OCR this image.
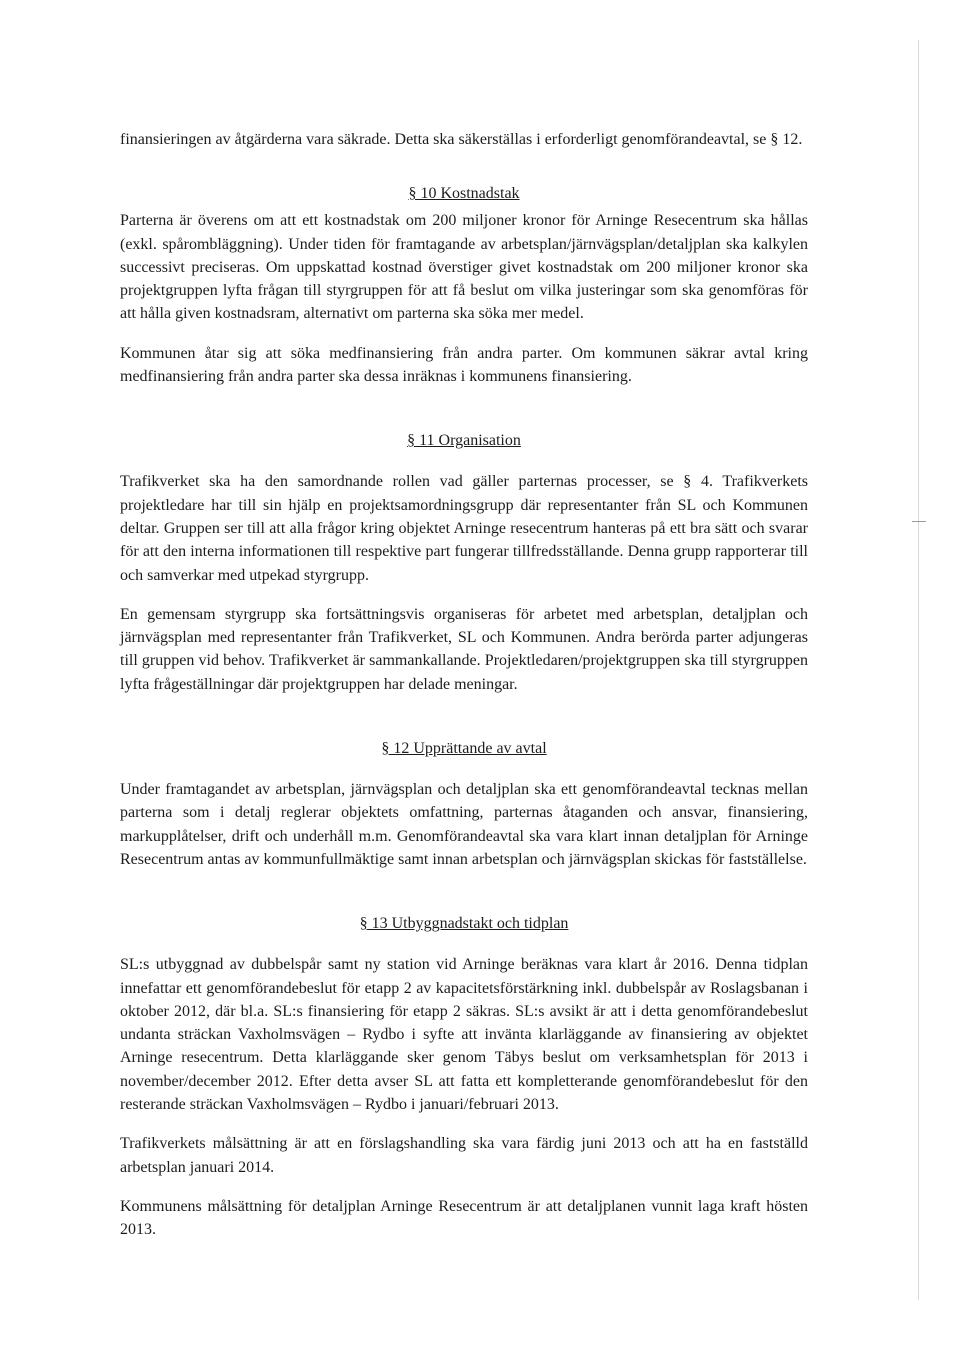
finansieringen av åtgärderna vara säkrade. Detta ska säkerställas i erforderligt genomförandeavtal, se § 12.

§ 10 Kostnadstak

Parterna är överens om att ett kostnadstak om 200 miljoner kronor för Arninge Resecentrum ska hållas (exkl. spårombläggning). Under tiden för framtagande av arbetsplan/järnvägsplan/detaljplan ska kalkylen successivt preciseras. Om uppskattad kostnad överstiger givet kostnadstak om 200 miljoner kronor ska projektgruppen lyfta frågan till styrgruppen för att få beslut om vilka justeringar som ska genomföras för att hålla given kostnadsram, alternativt om parterna ska söka mer medel.

Kommunen åtar sig att söka medfinansiering från andra parter. Om kommunen säkrar avtal kring medfinansiering från andra parter ska dessa inräknas i kommunens finansiering.

§ 11 Organisation

Trafikverket ska ha den samordnande rollen vad gäller parternas processer, se § 4. Trafikverkets projektledare har till sin hjälp en projektsamordningsgrupp där representanter från SL och Kommunen deltar. Gruppen ser till att alla frågor kring objektet Arninge resecentrum hanteras på ett bra sätt och svarar för att den interna informationen till respektive part fungerar tillfredsställande. Denna grupp rapporterar till och samverkar med utpekad styrgrupp.

En gemensam styrgrupp ska fortsättningsvis organiseras för arbetet med arbetsplan, detaljplan och järnvägsplan med representanter från Trafikverket, SL och Kommunen. Andra berörda parter adjungeras till gruppen vid behov. Trafikverket är sammankallande. Projektledaren/projektgruppen ska till styrgruppen lyfta frågeställningar där projektgruppen har delade meningar.

§ 12 Upprättande av avtal

Under framtagandet av arbetsplan, järnvägsplan och detaljplan ska ett genomförandeavtal tecknas mellan parterna som i detalj reglerar objektets omfattning, parternas åtaganden och ansvar, finansiering, markupplåtelser, drift och underhåll m.m. Genomförandeavtal ska vara klart innan detaljplan för Arninge Resecentrum antas av kommunfullmäktige samt innan arbetsplan och järnvägsplan skickas för fastställelse.

§ 13 Utbyggnadstakt och tidplan

SL:s utbyggnad av dubbelspår samt ny station vid Arninge beräknas vara klart år 2016. Denna tidplan innefattar ett genomförandebeslut för etapp 2 av kapacitetsförstärkning inkl. dubbelspår av Roslagsbanan i oktober 2012, där bl.a. SL:s finansiering för etapp 2 säkras. SL:s avsikt är att i detta genomförandebeslut undanta sträckan Vaxholmsvägen – Rydbo i syfte att invänta klarläggande av finansiering av objektet Arninge resecentrum. Detta klarläggande sker genom Täbys beslut om verksamhetsplan för 2013 i november/december 2012. Efter detta avser SL att fatta ett kompletterande genomförandebeslut för den resterande sträckan Vaxholmsvägen – Rydbo i januari/februari 2013.

Trafikverkets målsättning är att en förslagshandling ska vara färdig juni 2013 och att ha en fastställd arbetsplan januari 2014.

Kommunens målsättning för detaljplan Arninge Resecentrum är att detaljplanen vunnit laga kraft hösten 2013.
